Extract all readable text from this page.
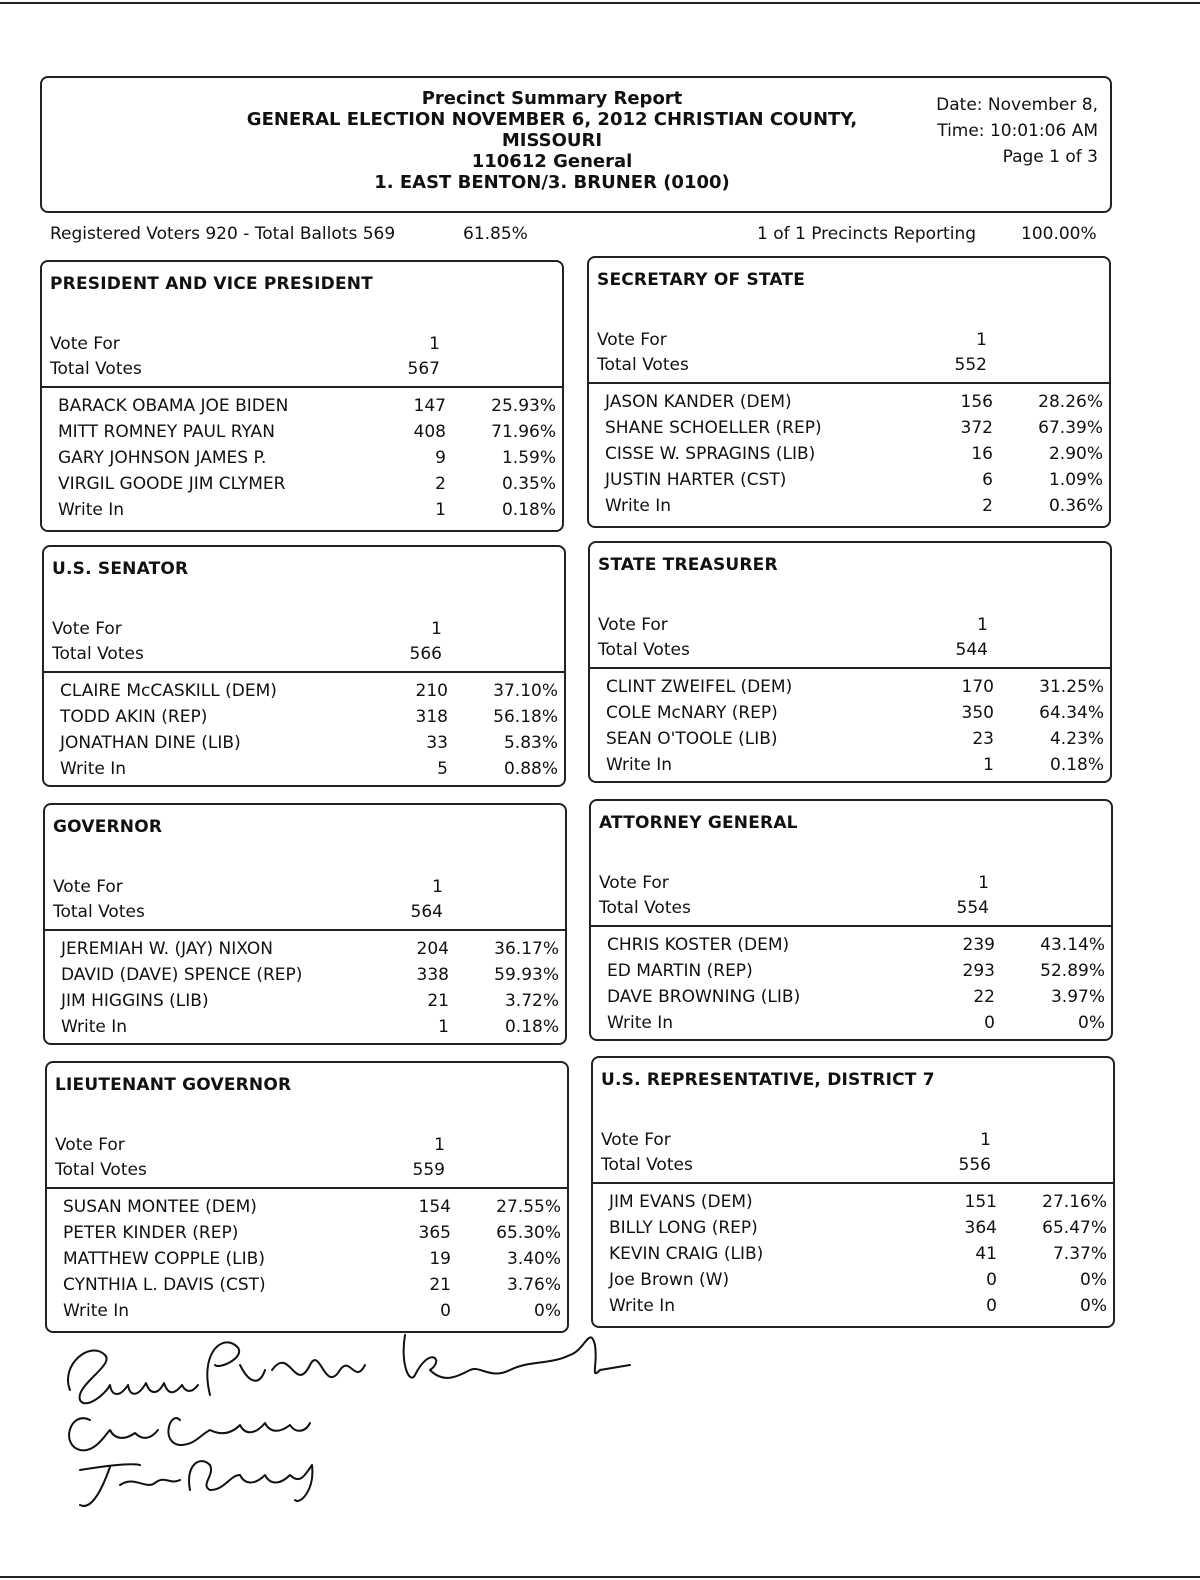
Precinct Summary Report
GENERAL ELECTION NOVEMBER 6, 2012 CHRISTIAN COUNTY,
MISSOURI
110612 General
1. EAST BENTON/3. BRUNER (0100)
Date: November 8,
Time: 10:01:06 AM
Page 1 of 3
Registered Voters 920 - Total Ballots 569	61.85%	1 of 1 Precincts Reporting	100.00%
PRESIDENT AND VICE PRESIDENT
Vote For	1
Total Votes	567
BARACK OBAMA JOE BIDEN	147	25.93%
MITT ROMNEY PAUL RYAN	408	71.96%
GARY JOHNSON JAMES P.	9	1.59%
VIRGIL GOODE JIM CLYMER	2	0.35%
Write In	1	0.18%
SECRETARY OF STATE
Vote For	1
Total Votes	552
JASON KANDER (DEM)	156	28.26%
SHANE SCHOELLER (REP)	372	67.39%
CISSE W. SPRAGINS (LIB)	16	2.90%
JUSTIN HARTER (CST)	6	1.09%
Write In	2	0.36%
U.S. SENATOR
Vote For	1
Total Votes	566
CLAIRE McCASKILL (DEM)	210	37.10%
TODD AKIN (REP)	318	56.18%
JONATHAN DINE (LIB)	33	5.83%
Write In	5	0.88%
STATE TREASURER
Vote For	1
Total Votes	544
CLINT ZWEIFEL (DEM)	170	31.25%
COLE McNARY (REP)	350	64.34%
SEAN O'TOOLE (LIB)	23	4.23%
Write In	1	0.18%
GOVERNOR
Vote For	1
Total Votes	564
JEREMIAH W. (JAY) NIXON	204	36.17%
DAVID (DAVE) SPENCE (REP)	338	59.93%
JIM HIGGINS (LIB)	21	3.72%
Write In	1	0.18%
ATTORNEY GENERAL
Vote For	1
Total Votes	554
CHRIS KOSTER (DEM)	239	43.14%
ED MARTIN (REP)	293	52.89%
DAVE BROWNING (LIB)	22	3.97%
Write In	0	0%
LIEUTENANT GOVERNOR
Vote For	1
Total Votes	559
SUSAN MONTEE (DEM)	154	27.55%
PETER KINDER (REP)	365	65.30%
MATTHEW COPPLE (LIB)	19	3.40%
CYNTHIA L. DAVIS (CST)	21	3.76%
Write In	0	0%
U.S. REPRESENTATIVE, DISTRICT 7
Vote For	1
Total Votes	556
JIM EVANS (DEM)	151	27.16%
BILLY LONG (REP)	364	65.47%
KEVIN CRAIG (LIB)	41	7.37%
Joe Brown (W)	0	0%
Write In	0	0%
